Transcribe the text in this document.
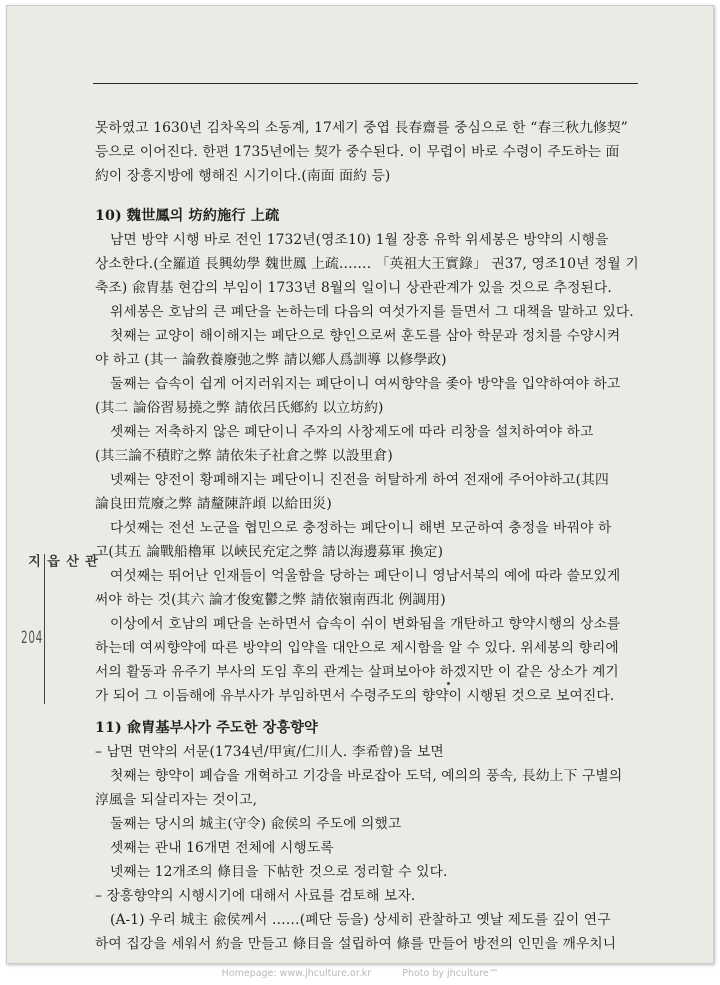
못하였고 1630년 김차옥의 소동계, 17세기 중엽 長春齋를 중심으로 한 “春三秋九修契”
등으로 이어진다. 한편 1735년에는 契가 중수된다. 이 무렵이 바로 수령이 주도하는 面
約이 장흥지방에 행해진 시기이다.(南面 面約 등)
10) 魏世鳳의 坊約施行 上疏
남면 방약 시행 바로 전인 1732년(영조10) 1월 장흥 유학 위세봉은 방약의 시행을
상소한다.(全羅道 長興幼學 魏世鳳 上疏……. 「英祖大王實錄」 권37, 영조10년 정월 기
축조) 兪胄基 현감의 부임이 1733년 8월의 일이니 상관관계가 있을 것으로 추정된다.
위세봉은 호남의 큰 폐단을 논하는데 다음의 여섯가지를 들면서 그 대책을 말하고 있다.
첫째는 교양이 해이해지는 폐단으로 향인으로써 훈도를 삼아 학문과 정치를 수양시켜
야 하고 (其一 論敎養廢弛之弊 請以鄕人爲訓導 以修學政)
둘째는 습속이 쉽게 어지러워지는 폐단이니 여씨향약을 좇아 방약을 입약하여야 하고
(其二 論俗習易撓之弊 請依呂氏鄕約 以立坊約)
셋째는 저축하지 않은 폐단이니 주자의 사창제도에 따라 리창을 설치하여야 하고
(其三論不積貯之弊 請依朱子社倉之弊 以設里倉)
넷째는 양전이 황폐해지는 폐단이니 진전을 허탈하게 하여 전재에 주어야하고(其四
論良田荒廢之弊 請釐陳許頉 以給田災)
다섯째는 전선 노군을 협민으로 충정하는 폐단이니 해변 모군하여 충정을 바꿔야 하
고(其五 論戰船櫓軍 以峽民充定之弊 請以海邊募軍 換定)
여섯째는 뛰어난 인재들이 억울함을 당하는 폐단이니 영남서북의 예에 따라 쓸모있게
써야 하는 것(其六 論才俊寃鬱之弊 請依嶺南西北 例調用)
이상에서 호남의 폐단을 논하면서 습속이 쉬이 변화됨을 개탄하고 향약시행의 상소를
하는데 여씨향약에 따른 방약의 입약을 대안으로 제시함을 알 수 있다. 위세봉의 향리에
서의 활동과 유주기 부사의 도임 후의 관계는 살펴보아야 하겠지만 이 같은 상소가 계기
가 되어 그 이듬해에 유부사가 부임하면서 수령주도의 향약이 시행된 것으로 보여진다.
11) 兪胄基부사가 주도한 장흥향약
– 남면 면약의 서문(1734년/甲寅/仁川人. 李希曾)을 보면
첫째는 향약이 폐습을 개혁하고 기강을 바로잡아 도덕, 예의의 풍속, 長幼上下 구별의
淳風을 되살리자는 것이고,
둘째는 당시의 城主(守令) 兪侯의 주도에 의했고
셋째는 관내 16개면 전체에 시행도록
넷째는 12개조의 條目을 下帖한 것으로 정리할 수 있다.
– 장흥향약의 시행시기에 대해서 사료를 검토해 보자.
(A-1) 우리 城主 兪侯께서 ……(폐단 등을) 상세히 관찰하고 옛날 제도를 깊이 연구
하여 집강을 세워서 約을 만들고 條目을 설립하여 條를 만들어 방전의 인민을 깨우치니
관산읍지
204
Homepage: www.jhculture.or.kr	Photo by jhculture™
